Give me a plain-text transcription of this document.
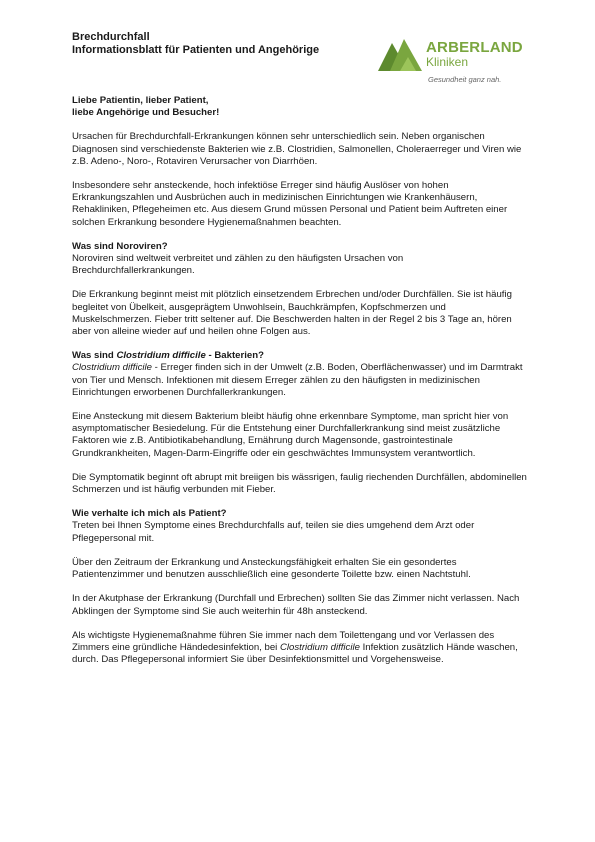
Brechdurchfall
Informationsblatt für Patienten und Angehörige	ARBERLAND
Kliniken
Gesundheit ganz nah.

Liebe Patientin, lieber Patient,
liebe Angehörige und Besucher!

Ursachen für Brechdurchfall-Erkrankungen können sehr unterschiedlich sein. Neben organischen Diagnosen sind verschiedenste Bakterien wie z.B. Clostridien, Salmonellen, Choleraerreger und Viren wie z.B. Adeno-, Noro-, Rotaviren Verursacher von Diarrhöen.

Insbesondere sehr ansteckende, hoch infektiöse Erreger sind häufig Auslöser von hohen Erkrankungszahlen und Ausbrüchen auch in medizinischen Einrichtungen wie Krankenhäusern, Rehakliniken, Pflegeheimen etc. Aus diesem Grund müssen Personal und Patient beim Auftreten einer solchen Erkrankung besondere Hygienemaßnahmen beachten.

Was sind Noroviren?

Noroviren sind weltweit verbreitet und zählen zu den häufigsten Ursachen von Brechdurchfallerkrankungen.

Die Erkrankung beginnt meist mit plötzlich einsetzendem Erbrechen und/oder Durchfällen. Sie ist häufig begleitet von Übelkeit, ausgeprägtem Unwohlsein, Bauchkrämpfen, Kopfschmerzen und Muskelschmerzen. Fieber tritt seltener auf. Die Beschwerden halten in der Regel 2 bis 3 Tage an, hören aber von alleine wieder auf und heilen ohne Folgen aus.

Was sind Clostridium difficile - Bakterien?

Clostridium difficile - Erreger finden sich in der Umwelt (z.B. Boden, Oberflächenwasser) und im Darmtrakt von Tier und Mensch. Infektionen mit diesem Erreger zählen zu den häufigsten in medizinischen Einrichtungen erworbenen Durchfallerkrankungen.

Eine Ansteckung mit diesem Bakterium bleibt häufig ohne erkennbare Symptome, man spricht hier von asymptomatischer Besiedelung. Für die Entstehung einer Durchfallerkrankung sind meist zusätzliche Faktoren wie z.B. Antibiotikabehandlung, Ernährung durch Magensonde, gastrointestinale Grundkrankheiten, Magen-Darm-Eingriffe oder ein geschwächtes Immunsystem verantwortlich.

Die Symptomatik beginnt oft abrupt mit breiigen bis wässrigen, faulig riechenden Durchfällen, abdominellen Schmerzen und ist häufig verbunden mit Fieber.

Wie verhalte ich mich als Patient?

Treten bei Ihnen Symptome eines Brechdurchfalls auf, teilen sie dies umgehend dem Arzt oder Pflegepersonal mit.

Über den Zeitraum der Erkrankung und Ansteckungsfähigkeit erhalten Sie ein gesondertes Patientenzimmer und benutzen ausschließlich eine gesonderte Toilette bzw. einen Nachtstuhl.

In der Akutphase der Erkrankung (Durchfall und Erbrechen) sollten Sie das Zimmer nicht verlassen. Nach Abklingen der Symptome sind Sie auch weiterhin für 48h ansteckend.

Als wichtigste Hygienemaßnahme führen Sie immer nach dem Toilettengang und vor Verlassen des Zimmers eine gründliche Händedesinfektion, bei Clostridium difficile Infektion zusätzlich Hände waschen, durch. Das Pflegepersonal informiert Sie über Desinfektionsmittel und Vorgehensweise.
